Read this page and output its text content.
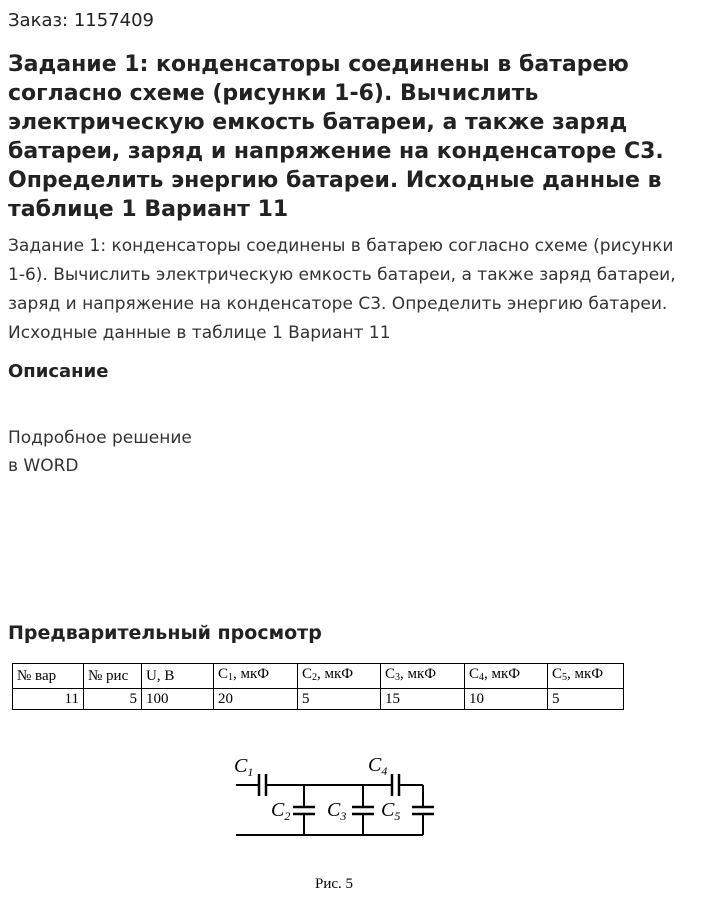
Заказ: 1157409
Задание 1: конденсаторы соединены в батарею согласно схеме (рисунки 1-6). Вычислить электрическую емкость батареи, а также заряд батареи, заряд и напряжение на конденсаторе С3. Определить энергию батареи. Исходные данные в таблице 1 Вариант 11

Задание 1: конденсаторы соединены в батарею согласно схеме (рисунки 1-6). Вычислить электрическую емкость батареи, а также заряд батареи, заряд и напряжение на конденсаторе С3. Определить энергию батареи. Исходные данные в таблице 1 Вариант 11

Описание
Подробное решение
в WORD
Предварительный просмотр
№ вар	№ рис	U, B	$C_1$, мкФ	$C_2$, мкФ	$C_3$, мкФ	$C_4$, мкФ	$C_5$, мкФ
11	5	100	20	5	15	10	5
$C_1$	$C_4$
$C_2$ $C_3$ $C_5$
Рис. 5
